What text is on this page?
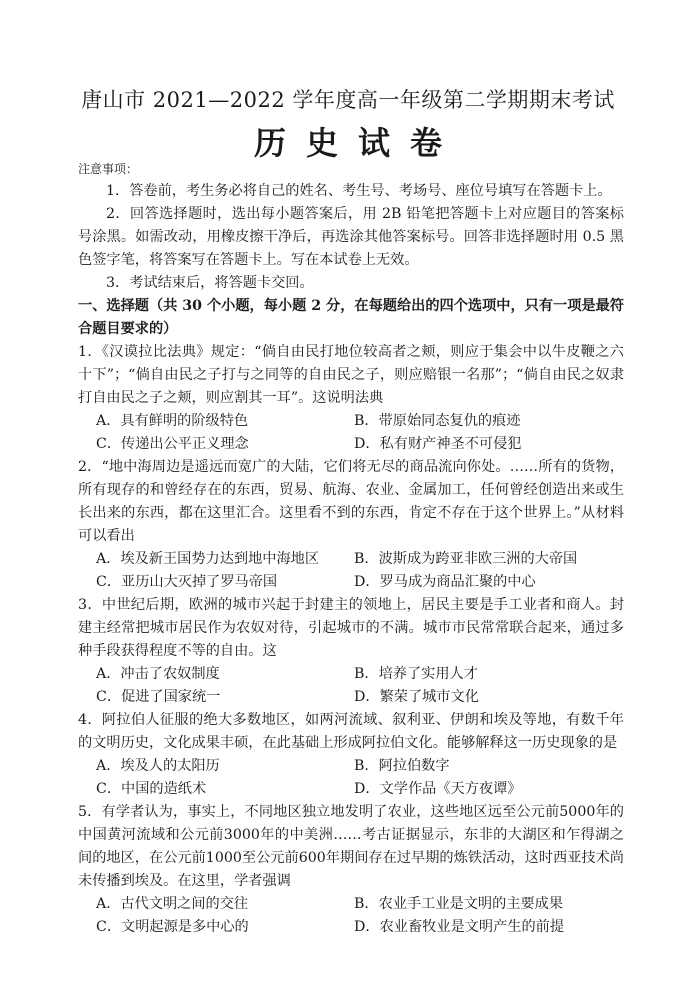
唐山市 2021—2022 学年度高一年级第二学期期末考试
历史试卷
注意事项：
1．答卷前，考生务必将自己的姓名、考生号、考场号、座位号填写在答题卡上。
2．回答选择题时，选出每小题答案后，用 2B 铅笔把答题卡上对应题目的答案标号涂黑。如需改动，用橡皮擦干净后，再选涂其他答案标号。回答非选择题时用 0.5 黑色签字笔，将答案写在答题卡上。写在本试卷上无效。
3．考试结束后，将答题卡交回。
一、选择题（共 30 个小题，每小题 2 分，在每题给出的四个选项中，只有一项是最符合题目要求的）
1．《汉谟拉比法典》规定：“倘自由民打地位较高者之颊，则应于集会中以牛皮鞭之六十下”；“倘自由民之子打与之同等的自由民之子，则应赔银一名那”；“倘自由民之奴隶打自由民之子之颊，则应割其一耳”。这说明法典
A．具有鲜明的阶级特色	B．带原始同态复仇的痕迹
C．传递出公平正义理念	D．私有财产神圣不可侵犯
2．“地中海周边是遥远而宽广的大陆，它们将无尽的商品流向你处。……所有的货物，所有现存的和曾经存在的东西，贸易、航海、农业、金属加工，任何曾经创造出来或生长出来的东西，都在这里汇合。这里看不到的东西，肯定不存在于这个世界上。”从材料可以看出
A．埃及新王国势力达到地中海地区 B．波斯成为跨亚非欧三洲的大帝国
C．亚历山大灭掉了罗马帝国	D．罗马成为商品汇聚的中心
3．中世纪后期，欧洲的城市兴起于封建主的领地上，居民主要是手工业者和商人。封建主经常把城市居民作为农奴对待，引起城市的不满。城市市民常常联合起来，通过多种手段获得程度不等的自由。这
A．冲击了农奴制度	B．培养了实用人才
C．促进了国家统一	D．繁荣了城市文化
4．阿拉伯人征服的绝大多数地区，如两河流域、叙利亚、伊朗和埃及等地，有数千年的文明历史，文化成果丰硕，在此基础上形成阿拉伯文化。能够解释这一历史现象的是
A．埃及人的太阳历	B．阿拉伯数字
C．中国的造纸术	D．文学作品《天方夜谭》
5．有学者认为，事实上，不同地区独立地发明了农业，这些地区远至公元前5000年的中国黄河流域和公元前3000年的中美洲……考古证据显示，东非的大湖区和乍得湖之间的地区，在公元前1000至公元前600年期间存在过早期的炼铁活动，这时西亚技术尚未传播到埃及。在这里，学者强调
A．古代文明之间的交往	B．农业手工业是文明的主要成果
C．文明起源是多中心的	D．农业畜牧业是文明产生的前提
